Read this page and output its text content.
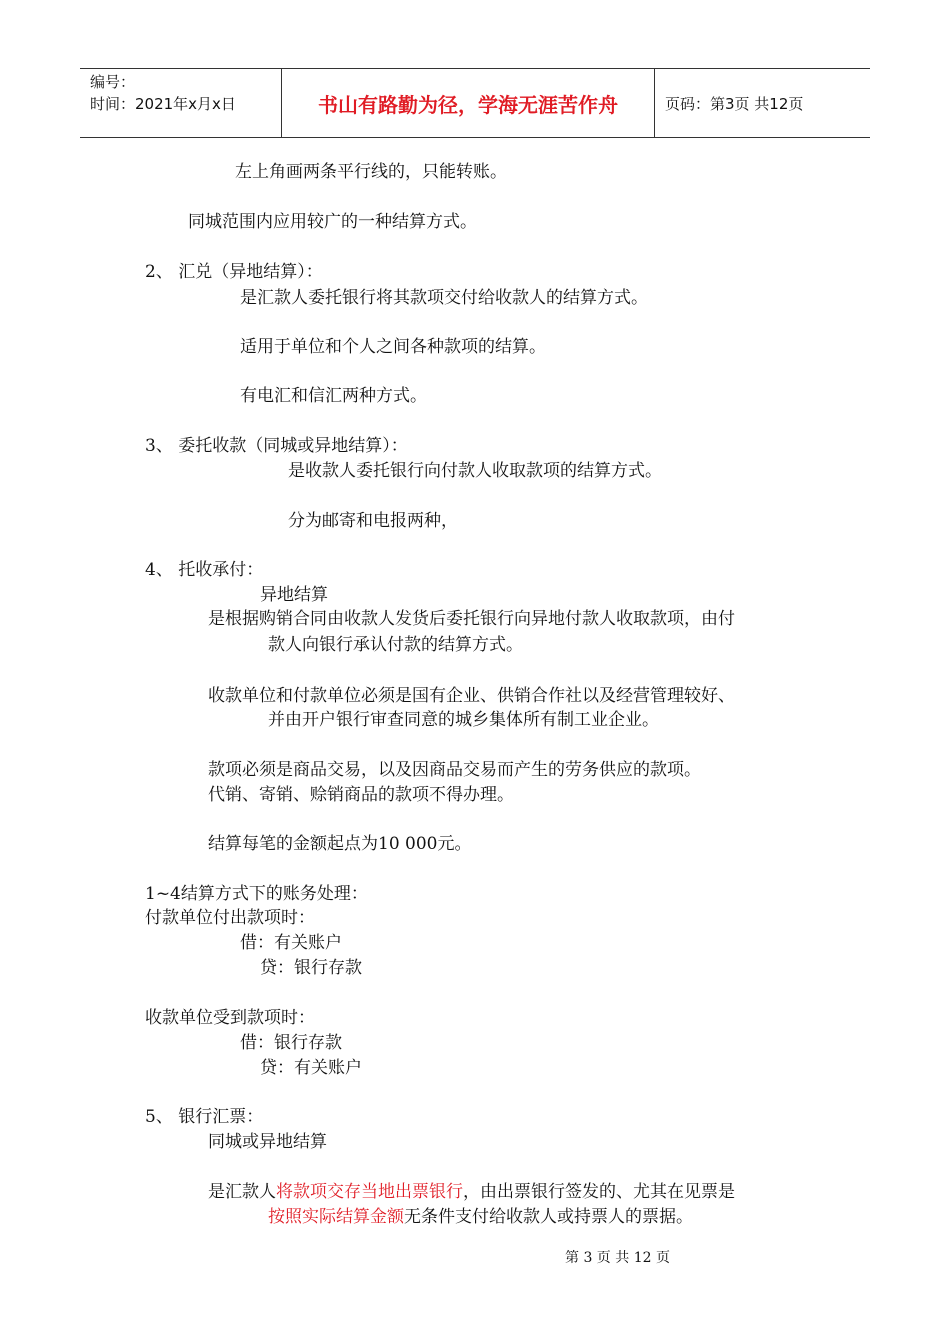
编号：
时间：2021年x月x日	书山有路勤为径，学海无涯苦作舟	页码：第3页 共12页
左上角画两条平行线的，只能转账。
同城范围内应用较广的一种结算方式。
2、 汇兑（异地结算）：
是汇款人委托银行将其款项交付给收款人的结算方式。
适用于单位和个人之间各种款项的结算。
有电汇和信汇两种方式。
3、 委托收款（同城或异地结算）：
是收款人委托银行向付款人收取款项的结算方式。
分为邮寄和电报两种，
4、 托收承付：
异地结算
是根据购销合同由收款人发货后委托银行向异地付款人收取款项，由付
款人向银行承认付款的结算方式。
收款单位和付款单位必须是国有企业、供销合作社以及经营管理较好、
并由开户银行审查同意的城乡集体所有制工业企业。
款项必须是商品交易，以及因商品交易而产生的劳务供应的款项。
代销、寄销、赊销商品的款项不得办理。
结算每笔的金额起点为10 000元。
1~4结算方式下的账务处理：
付款单位付出款项时：
借：有关账户
贷：银行存款
收款单位受到款项时：
借：银行存款
贷：有关账户
5、 银行汇票：
同城或异地结算
是汇款人将款项交存当地出票银行，由出票银行签发的、尤其在见票是
按照实际结算金额无条件支付给收款人或持票人的票据。
第 3 页 共 12 页
